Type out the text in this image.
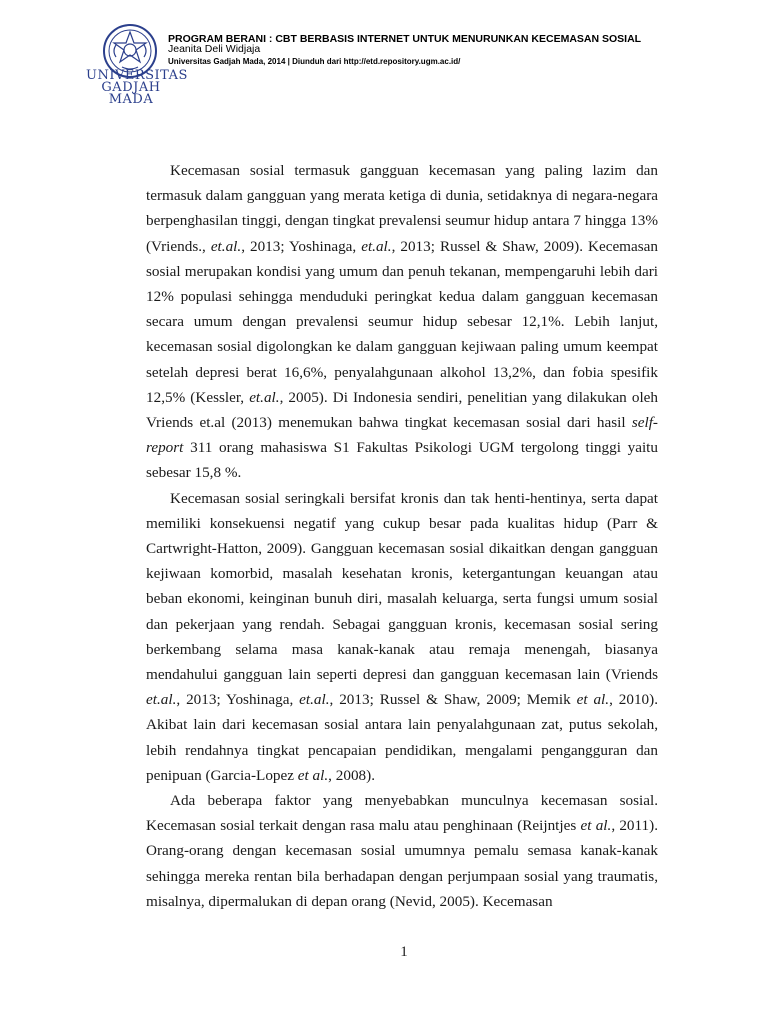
UNIVERSITAS
GADJAH MADA
PROGRAM BERANI : CBT BERBASIS INTERNET UNTUK MENURUNKAN KECEMASAN SOSIAL
Jeanita Deli Widjaja
Universitas Gadjah Mada, 2014 | Diunduh dari http://etd.repository.ugm.ac.id/

Kecemasan sosial termasuk gangguan kecemasan yang paling lazim dan termasuk dalam gangguan yang merata ketiga di dunia, setidaknya di negara-negara berpenghasilan tinggi, dengan tingkat prevalensi seumur hidup antara 7 hingga 13% (Vriends., et.al., 2013; Yoshinaga, et.al., 2013; Russel & Shaw, 2009). Kecemasan sosial merupakan kondisi yang umum dan penuh tekanan, mempengaruhi lebih dari 12% populasi sehingga menduduki peringkat kedua dalam gangguan kecemasan secara umum dengan prevalensi seumur hidup sebesar 12,1%. Lebih lanjut, kecemasan sosial digolongkan ke dalam gangguan kejiwaan paling umum keempat setelah depresi berat 16,6%, penyalahgunaan alkohol 13,2%, dan fobia spesifik 12,5% (Kessler, et.al., 2005). Di Indonesia sendiri, penelitian yang dilakukan oleh Vriends et.al (2013) menemukan bahwa tingkat kecemasan sosial dari hasil self-report 311 orang mahasiswa S1 Fakultas Psikologi UGM tergolong tinggi yaitu sebesar 15,8 %.

Kecemasan sosial seringkali bersifat kronis dan tak henti-hentinya, serta dapat memiliki konsekuensi negatif yang cukup besar pada kualitas hidup (Parr & Cartwright-Hatton, 2009). Gangguan kecemasan sosial dikaitkan dengan gangguan kejiwaan komorbid, masalah kesehatan kronis, ketergantungan keuangan atau beban ekonomi, keinginan bunuh diri, masalah keluarga, serta fungsi umum sosial dan pekerjaan yang rendah. Sebagai gangguan kronis, kecemasan sosial sering berkembang selama masa kanak-kanak atau remaja menengah, biasanya mendahului gangguan lain seperti depresi dan gangguan kecemasan lain (Vriends et.al., 2013; Yoshinaga, et.al., 2013; Russel & Shaw, 2009; Memik et al., 2010). Akibat lain dari kecemasan sosial antara lain penyalahgunaan zat, putus sekolah, lebih rendahnya tingkat pencapaian pendidikan, mengalami pengangguran dan penipuan (Garcia-Lopez et al., 2008).

Ada beberapa faktor yang menyebabkan munculnya kecemasan sosial. Kecemasan sosial terkait dengan rasa malu atau penghinaan (Reijntjes et al., 2011). Orang-orang dengan kecemasan sosial umumnya pemalu semasa kanak-kanak sehingga mereka rentan bila berhadapan dengan perjumpaan sosial yang traumatis, misalnya, dipermalukan di depan orang (Nevid, 2005). Kecemasan

1
